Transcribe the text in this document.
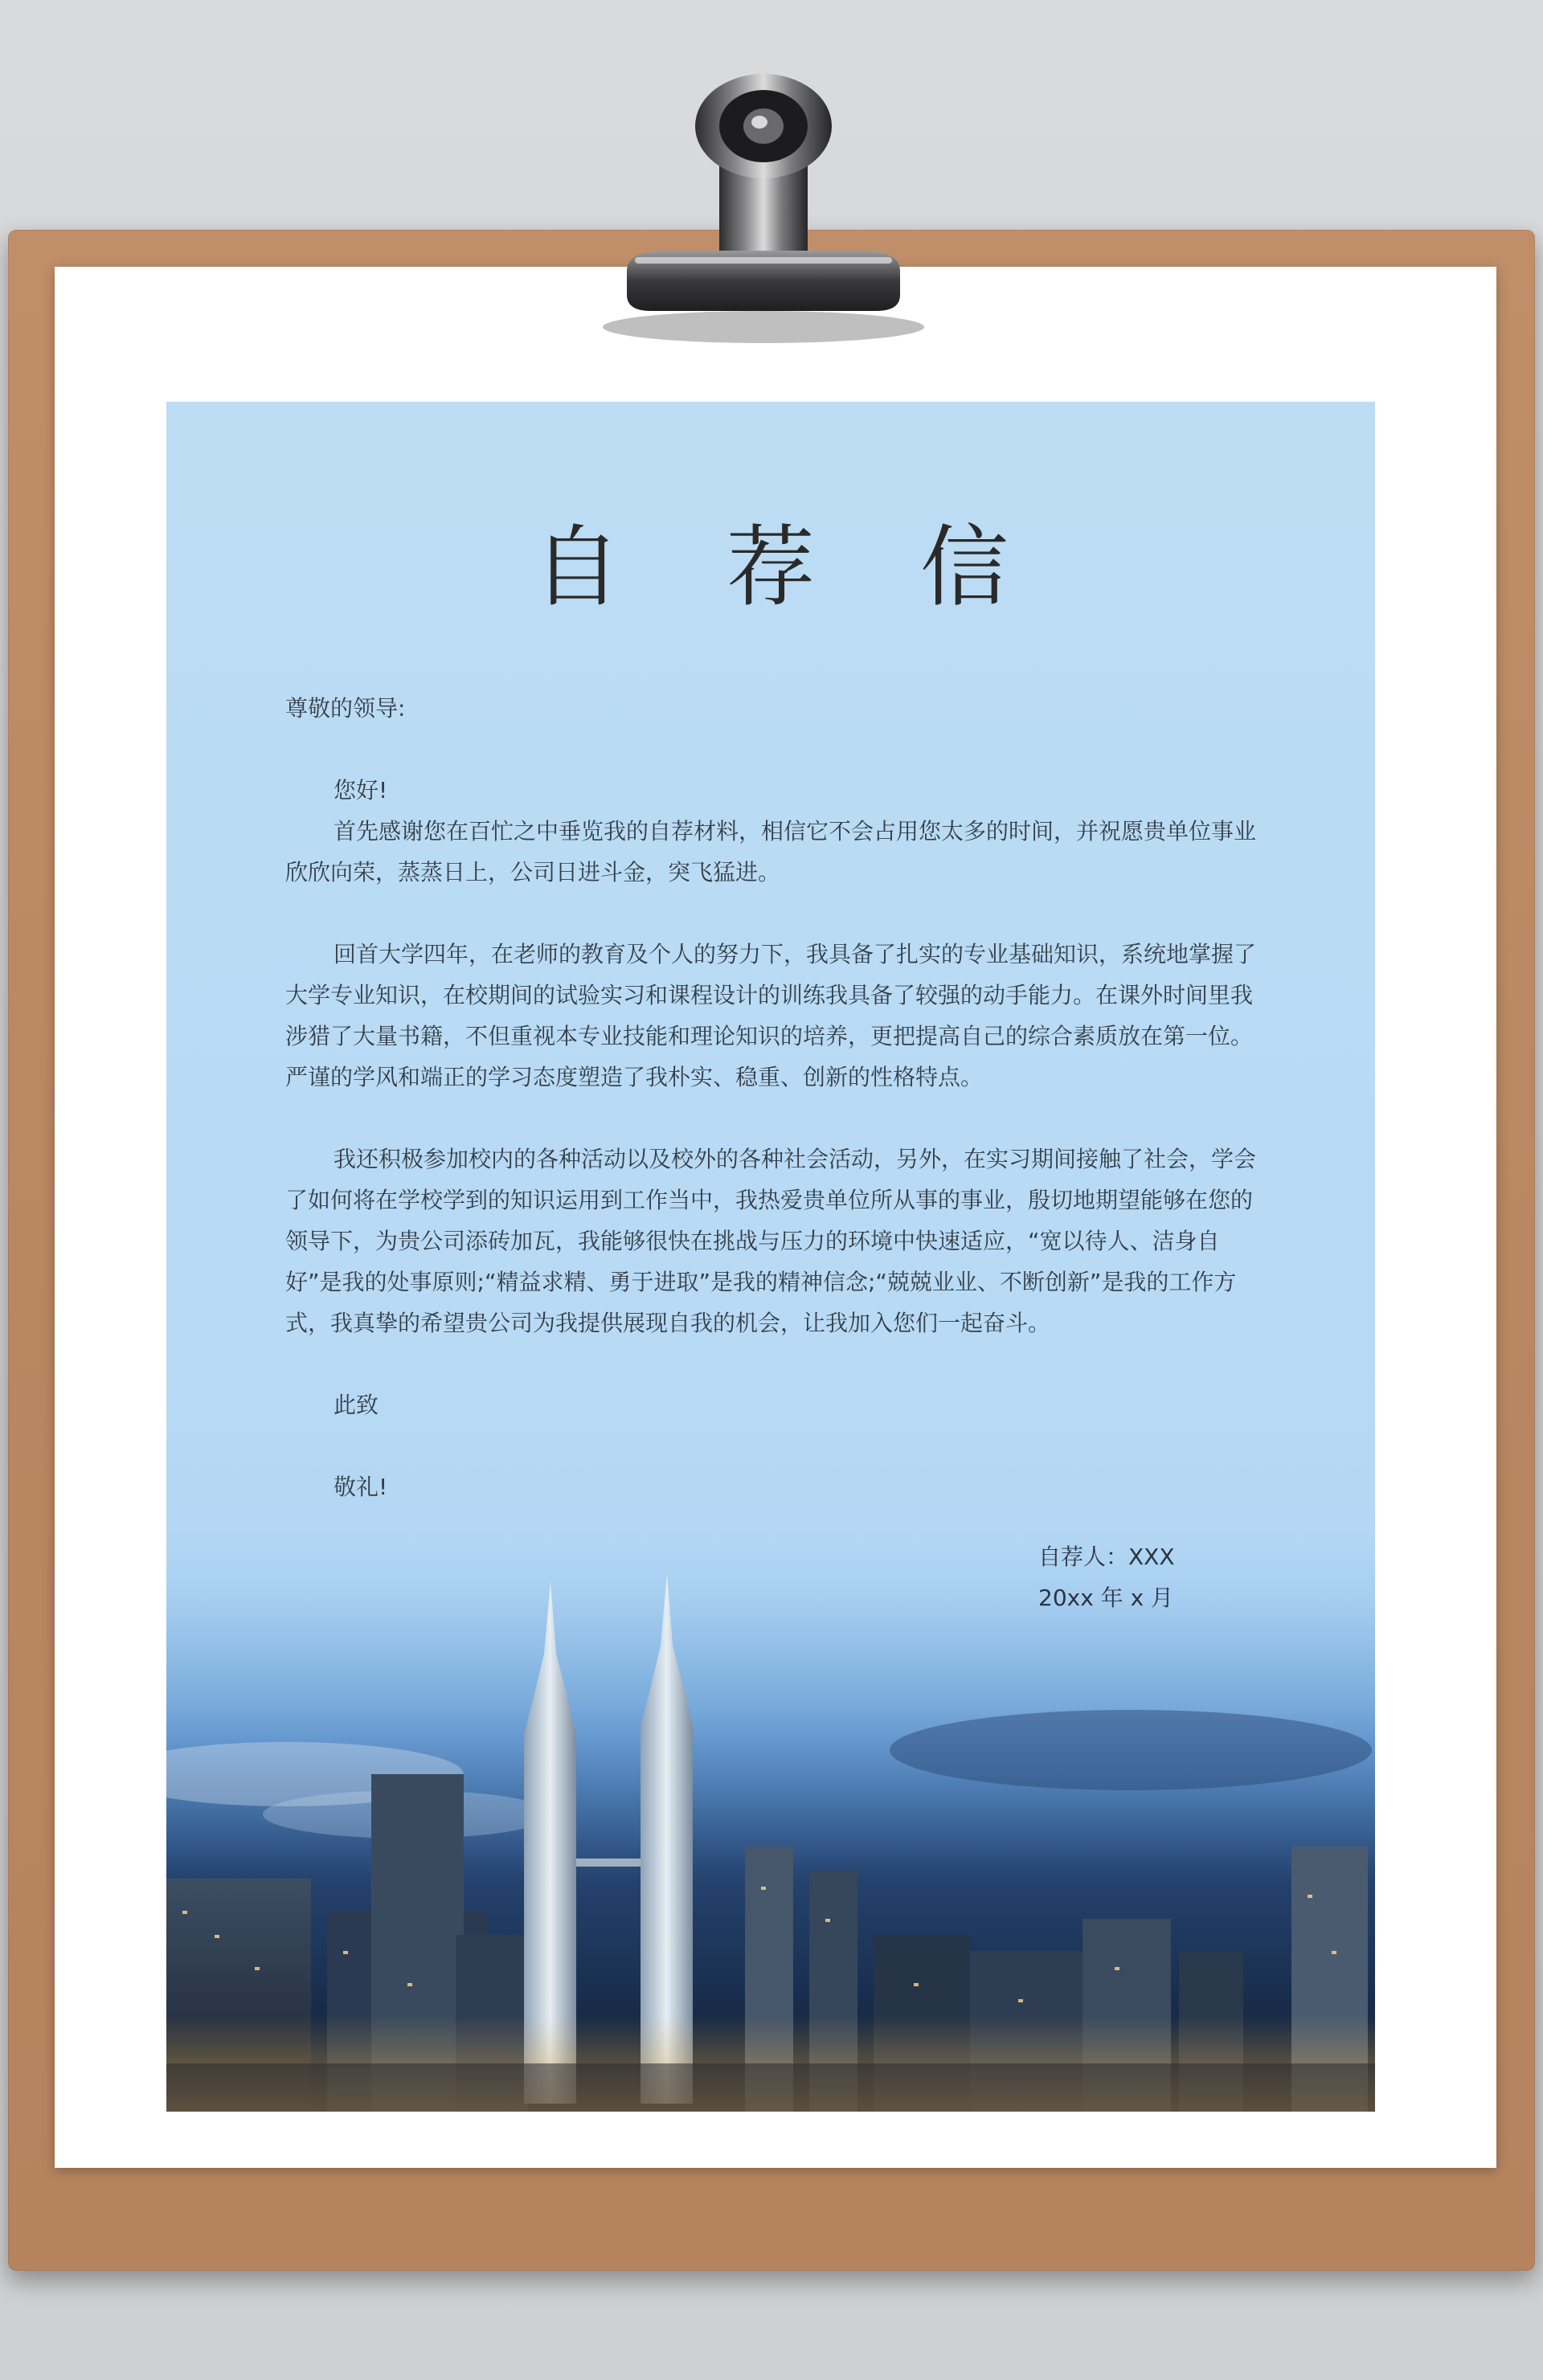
自 荐 信

尊敬的领导:

您好!

首先感谢您在百忙之中垂览我的自荐材料，相信它不会占用您太多的时间，并祝愿贵单位事业欣欣向荣，蒸蒸日上，公司日进斗金，突飞猛进。

回首大学四年，在老师的教育及个人的努力下，我具备了扎实的专业基础知识，系统地掌握了大学专业知识，在校期间的试验实习和课程设计的训练我具备了较强的动手能力。在课外时间里我涉猎了大量书籍，不但重视本专业技能和理论知识的培养，更把提高自己的综合素质放在第一位。严谨的学风和端正的学习态度塑造了我朴实、稳重、创新的性格特点。

我还积极参加校内的各种活动以及校外的各种社会活动，另外，在实习期间接触了社会，学会了如何将在学校学到的知识运用到工作当中，我热爱贵单位所从事的事业，殷切地期望能够在您的领导下，为贵公司添砖加瓦，我能够很快在挑战与压力的环境中快速适应，“宽以待人、洁身自好”是我的处事原则;“精益求精、勇于进取”是我的精神信念;“兢兢业业、不断创新”是我的工作方式，我真挚的希望贵公司为我提供展现自我的机会，让我加入您们一起奋斗。

此致

敬礼!

自荐人：XXX
20xx 年 x 月
